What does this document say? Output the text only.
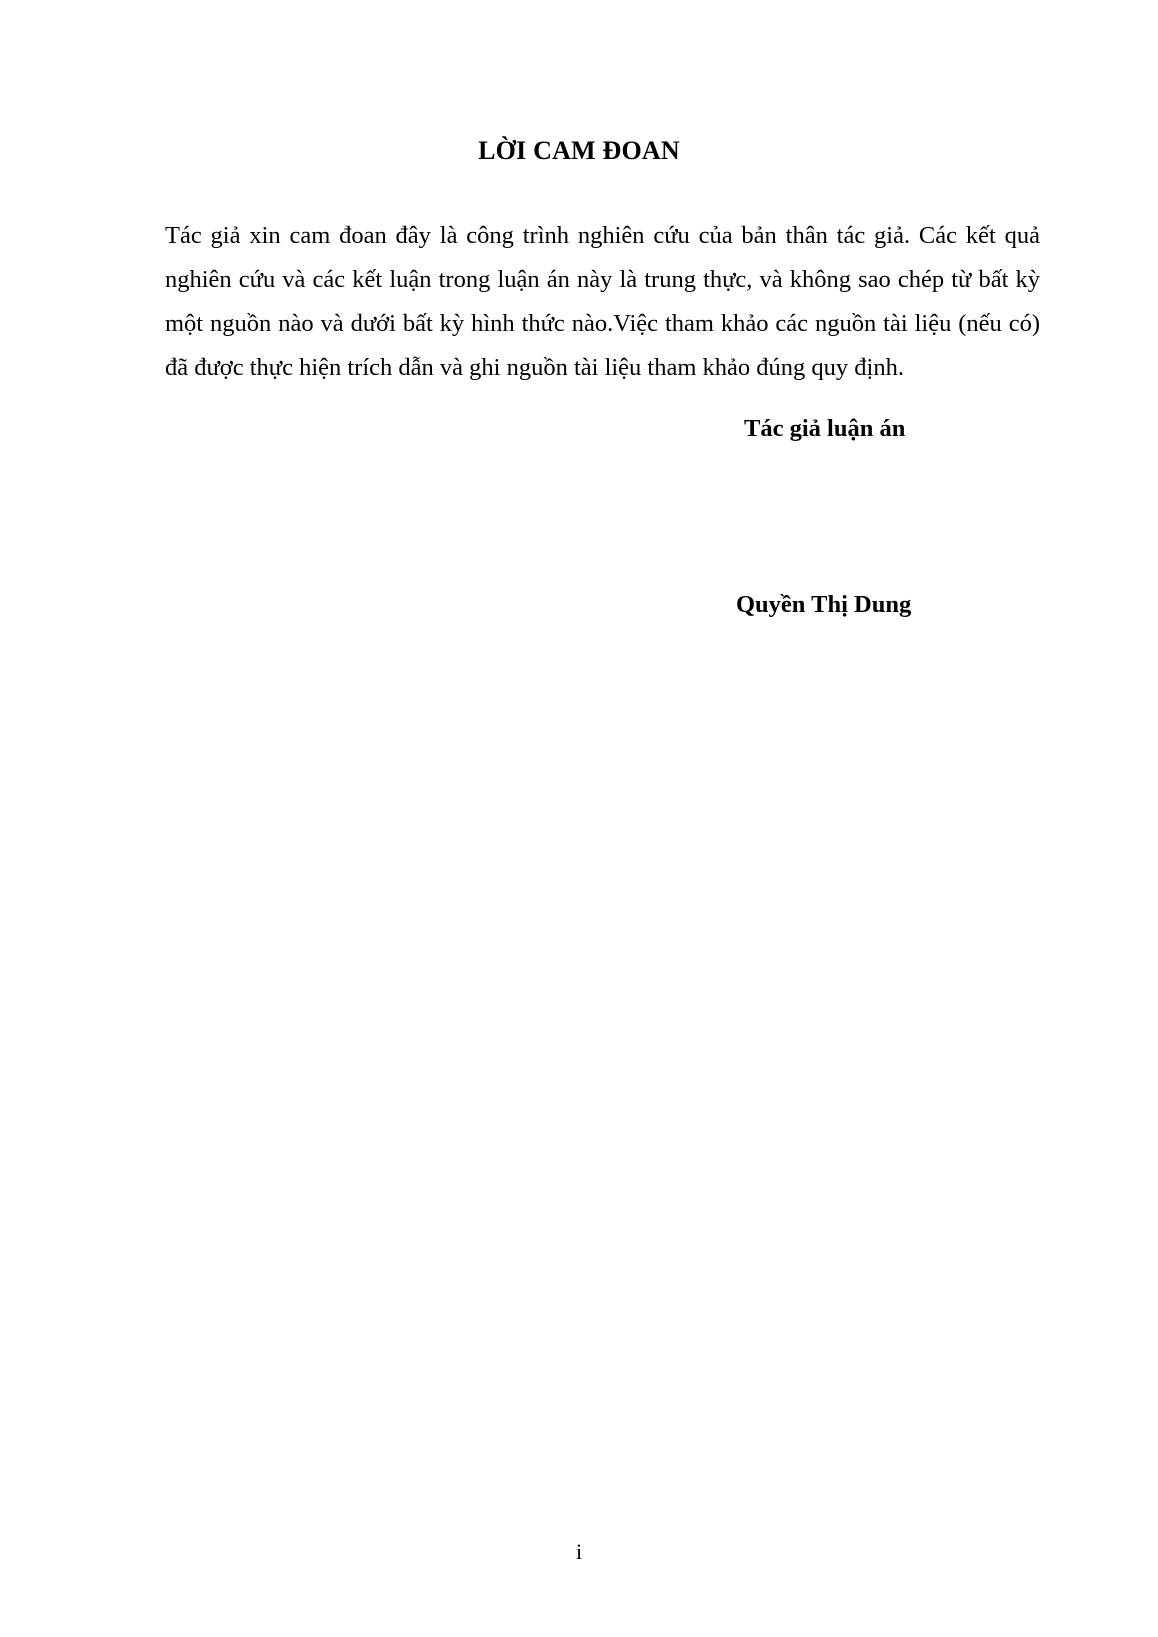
LỜI CAM ĐOAN

Tác giả xin cam đoan đây là công trình nghiên cứu của bản thân tác giả. Các kết quả nghiên cứu và các kết luận trong luận án này là trung thực, và không sao chép từ bất kỳ một nguồn nào và dưới bất kỳ hình thức nào.Việc tham khảo các nguồn tài liệu (nếu có) đã được thực hiện trích dẫn và ghi nguồn tài liệu tham khảo đúng quy định.

Tác giả luận án
Quyền Thị Dung
i
